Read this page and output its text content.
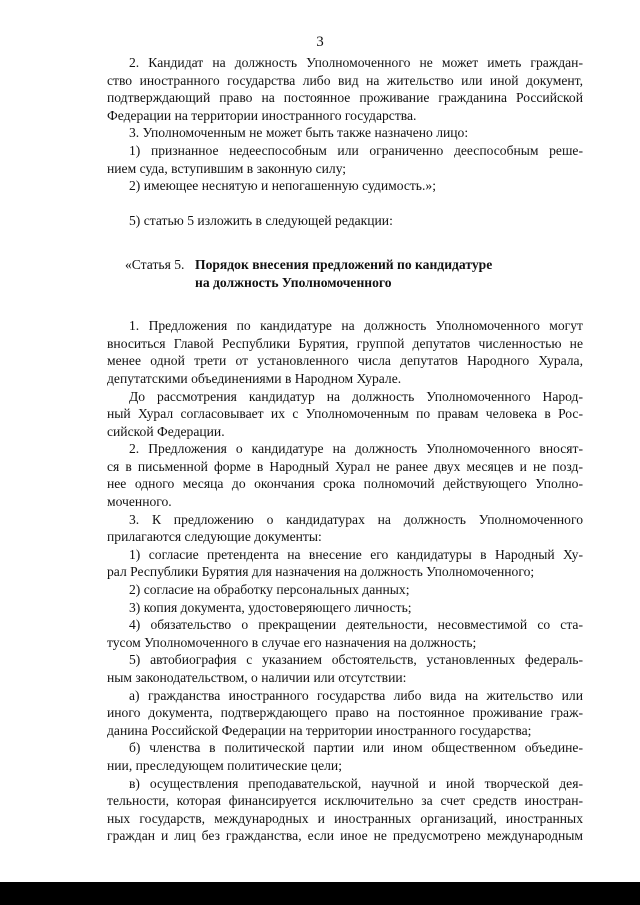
3
2. Кандидат на должность Уполномоченного не может иметь граждан-
ство иностранного государства либо вид на жительство или иной документ,
подтверждающий право на постоянное проживание гражданина Российской
Федерации на территории иностранного государства.
3. Уполномоченным не может быть также назначено лицо:
1) признанное недееспособным или ограниченно дееспособным реше-
нием суда, вступившим в законную силу;
2) имеющее неснятую и непогашенную судимость.»;
5) статью 5 изложить в следующей редакции:
«Статья 5. Порядок внесения предложений по кандидатуре
на должность Уполномоченного
1. Предложения по кандидатуре на должность Уполномоченного могут
вноситься Главой Республики Бурятия, группой депутатов численностью не
менее одной трети от установленного числа депутатов Народного Хурала,
депутатскими объединениями в Народном Хурале.
До рассмотрения кандидатур на должность Уполномоченного Народ-
ный Хурал согласовывает их с Уполномоченным по правам человека в Рос-
сийской Федерации.
2. Предложения о кандидатуре на должность Уполномоченного вносят-
ся в письменной форме в Народный Хурал не ранее двух месяцев и не позд-
нее одного месяца до окончания срока полномочий действующего Уполно-
моченного.
3. К предложению о кандидатурах на должность Уполномоченного
прилагаются следующие документы:
1) согласие претендента на внесение его кандидатуры в Народный Ху-
рал Республики Бурятия для назначения на должность Уполномоченного;
2) согласие на обработку персональных данных;
3) копия документа, удостоверяющего личность;
4) обязательство о прекращении деятельности, несовместимой со ста-
тусом Уполномоченного в случае его назначения на должность;
5) автобиография с указанием обстоятельств, установленных федераль-
ным законодательством, о наличии или отсутствии:
а) гражданства иностранного государства либо вида на жительство или
иного документа, подтверждающего право на постоянное проживание граж-
данина Российской Федерации на территории иностранного государства;
б) членства в политической партии или ином общественном объедине-
нии, преследующем политические цели;
в) осуществления преподавательской, научной и иной творческой дея-
тельности, которая финансируется исключительно за счет средств иностран-
ных государств, международных и иностранных организаций, иностранных
граждан и лиц без гражданства, если иное не предусмотрено международным
